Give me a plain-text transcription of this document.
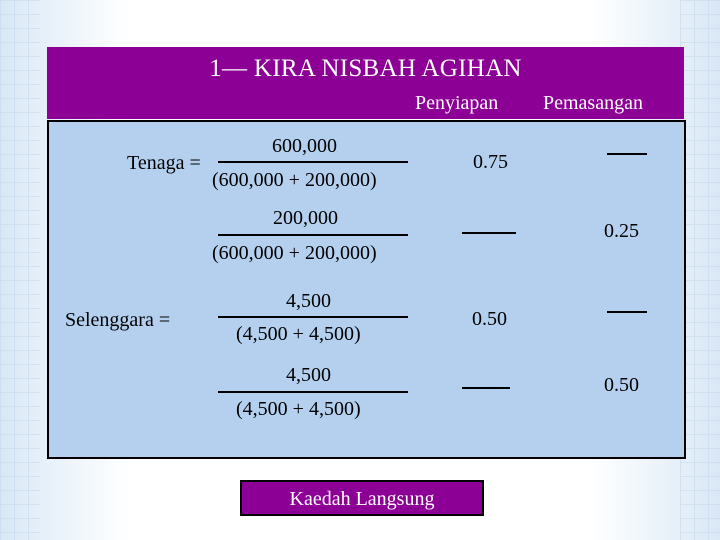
1— KIRA NISBAH AGIHAN
Penyiapan Pemasangan
Tenaga =
600,000
(600,000 + 200,000)
0.75
200,000
(600,000 + 200,000)
0.25
Selenggara =
4,500
(4,500 + 4,500)
0.50
4,500
(4,500 + 4,500)
0.50
Kaedah Langsung
